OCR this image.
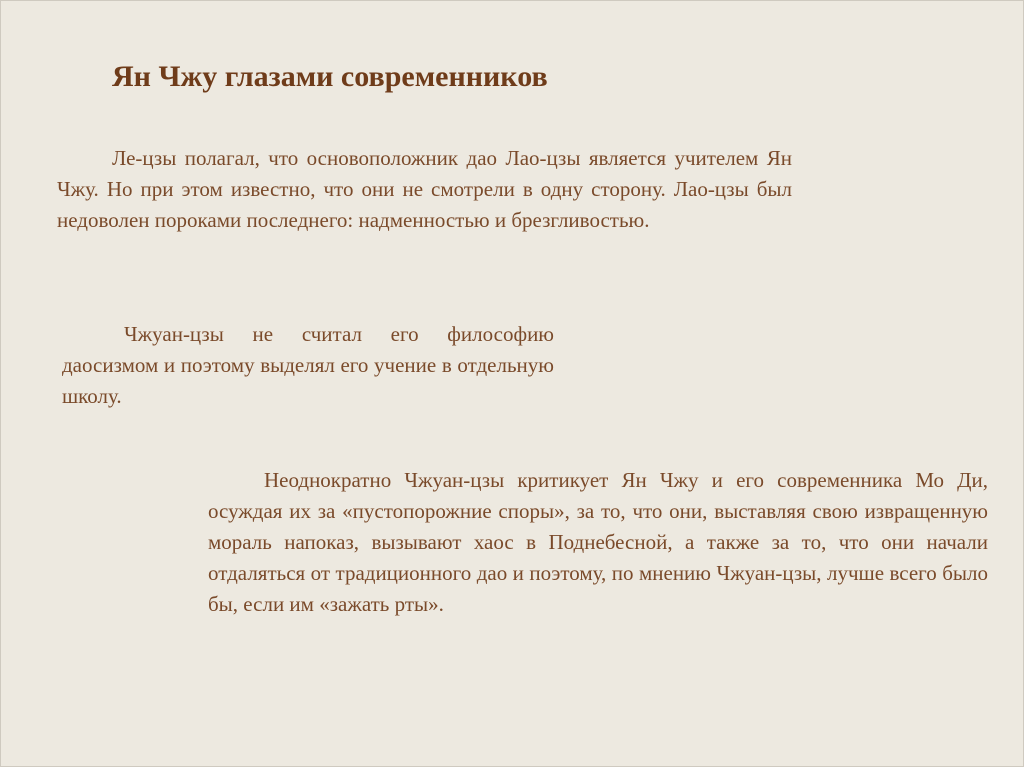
Ян Чжу глазами современников

Ле-цзы полагал, что основоположник дао Лао-цзы является учителем Ян Чжу. Но при этом известно, что они не смотрели в одну сторону. Лао-цзы был недоволен пороками последнего: надменностью и брезгливостью.

Чжуан-цзы не считал его философию даосизмом и поэтому выделял его учение в отдельную школу.

Неоднократно Чжуан-цзы критикует Ян Чжу и его современника Мо Ди, осуждая их за «пустопорожние споры», за то, что они, выставляя свою извращенную мораль напоказ, вызывают хаос в Поднебесной, а также за то, что они начали отдаляться от традиционного дао и поэтому, по мнению Чжуан-цзы, лучше всего было бы, если им «зажать рты».
